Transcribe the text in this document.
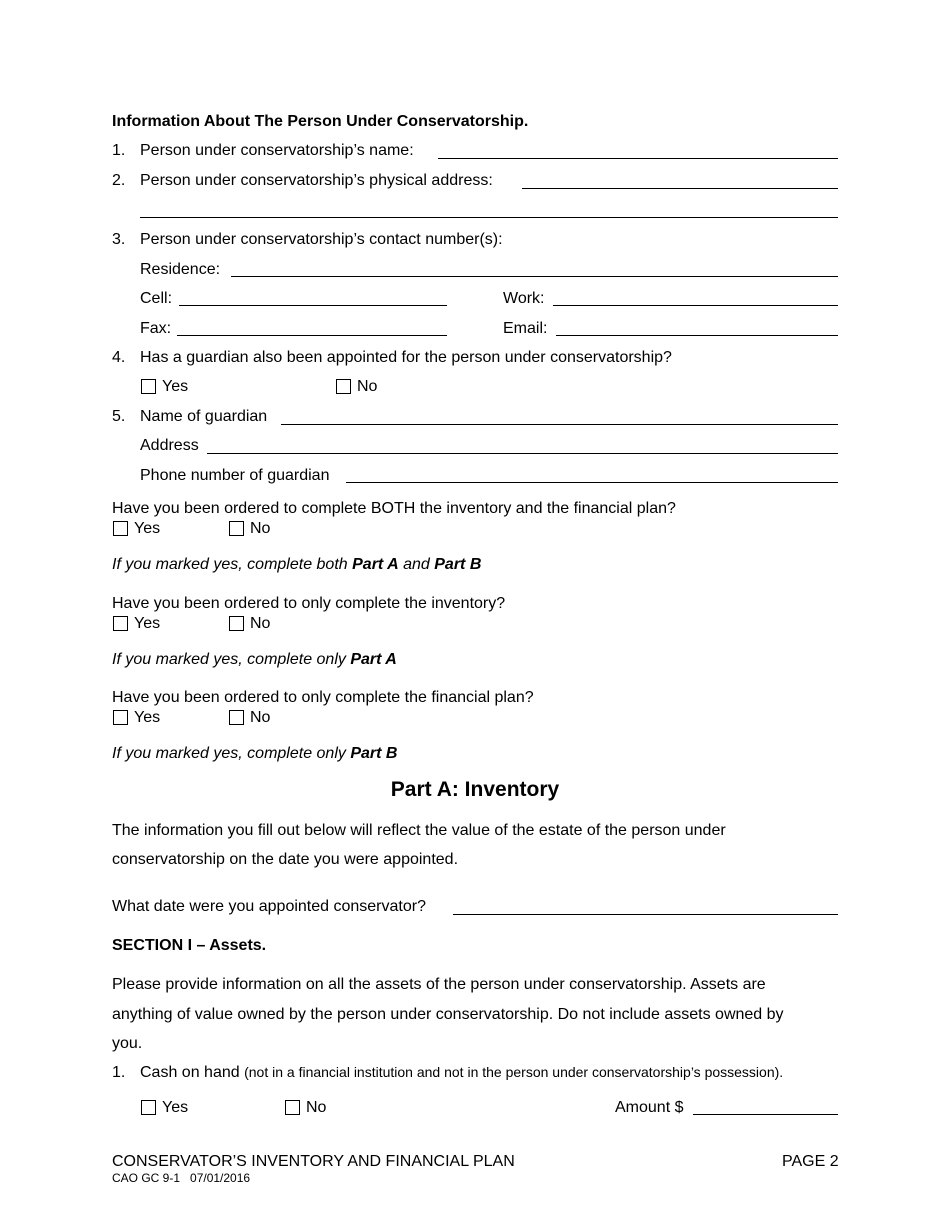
Information About The Person Under Conservatorship.
1. Person under conservatorship’s name:
2. Person under conservatorship’s physical address:
3. Person under conservatorship’s contact number(s):
Residence:
Cell:	Work:
Fax:	Email:
4. Has a guardian also been appointed for the person under conservatorship?
Yes	No
5. Name of guardian
Address
Phone number of guardian
Have you been ordered to complete BOTH the inventory and the financial plan?
Yes	No
If you marked yes, complete both Part A and Part B
Have you been ordered to only complete the inventory?
Yes	No
If you marked yes, complete only Part A
Have you been ordered to only complete the financial plan?
Yes	No
If you marked yes, complete only Part B
Part A: Inventory
The information you fill out below will reflect the value of the estate of the person under
conservatorship on the date you were appointed.
What date were you appointed conservator?
SECTION I – Assets.
Please provide information on all the assets of the person under conservatorship. Assets are
anything of value owned by the person under conservatorship. Do not include assets owned by
you.
1. Cash on hand (not in a financial institution and not in the person under conservatorship’s possession).
Yes	No	Amount $
CONSERVATOR’S INVENTORY AND FINANCIAL PLAN
CAO GC 9-1   07/01/2016
PAGE 2
